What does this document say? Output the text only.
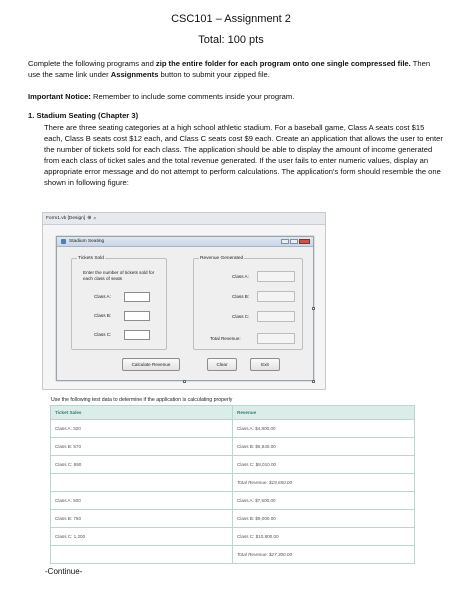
CSC101 – Assignment 2
Total: 100 pts
Complete the following programs and zip the entire folder for each program onto one single compressed file. Then use the same link under Assignments button to submit your zipped file.
Important Notice: Remember to include some comments inside your program.
1. Stadium Seating (Chapter 3)
There are three seating categories at a high school athletic stadium. For a baseball game, Class A seats cost $15 each, Class B seats cost $12 each, and Class C seats cost $9 each. Create an application that allows the user to enter the number of tickets sold for each class. The application should be able to display the amount of income generated from each class of ticket sales and the total revenue generated. If the user fails to enter numeric values, display an appropriate error message and do not attempt to perform calculations. The application's form should resemble the one shown in following figure:
Form1.vb [Design] ⊕ ×
Stadium Seating
Tickets Sold
Enter the number of tickets sold for each class of seats
Class A:
Class B:
Class C:
Revenue Generated
Class A:
Class B:
Class C:
Total Revenue:
Calculate Revenue	Clear	Exit
Use the following test data to determine if the application is calculating properly
Ticket Sales	Revenue
Class A: 320	Class A: $4,800.00
Class B: 570	Class B: $6,840.00
Class C: 890	Class C: $8,010.00
	Total Revenue: $19,650.00
Class A: 500	Class A: $7,500.00
Class B: 750	Class B: $9,000.00
Class C: 1,200	Class C: $10,800.00
	Total Revenue: $27,300.00
-Continue-
